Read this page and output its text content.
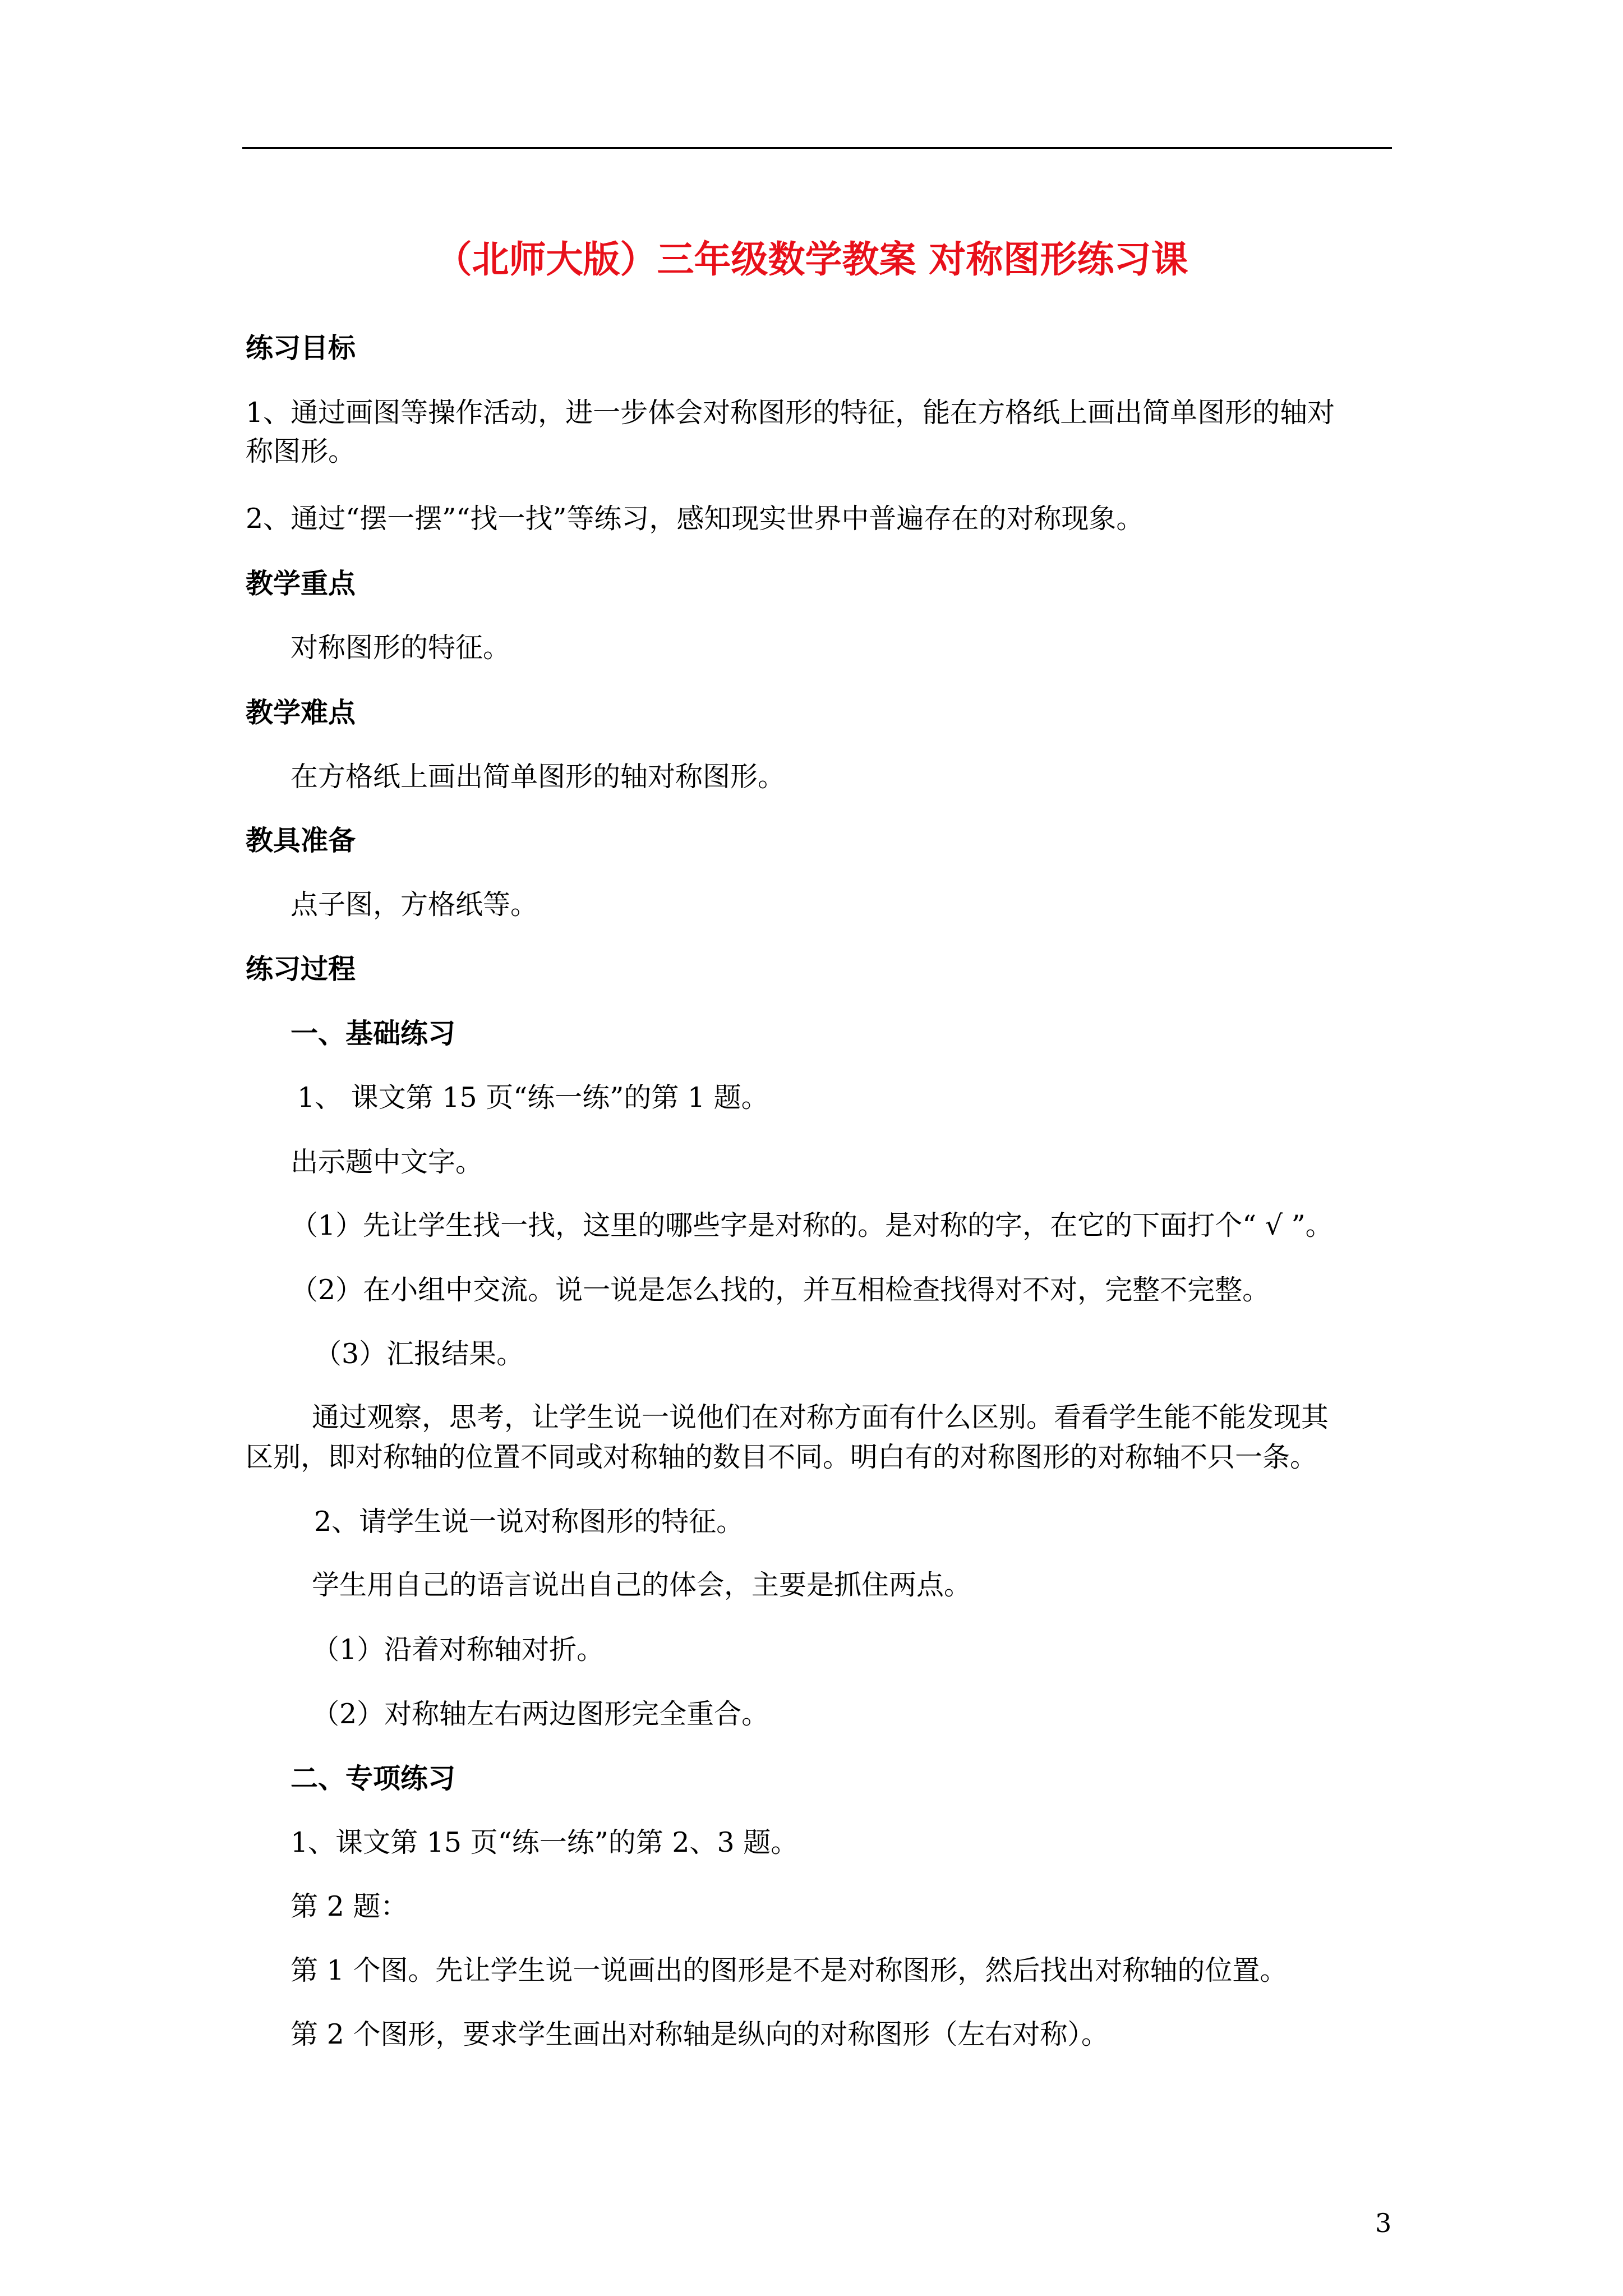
（北师大版）三年级数学教案 对称图形练习课
练习目标
1、通过画图等操作活动，进一步体会对称图形的特征，能在方格纸上画出简单图形的轴对
称图形。
2、通过“摆一摆”“找一找”等练习，感知现实世界中普遍存在的对称现象。
教学重点
对称图形的特征。
教学难点
在方格纸上画出简单图形的轴对称图形。
教具准备
点子图，方格纸等。
练习过程
一、基础练习
1、 课文第 15 页“练一练”的第 1 题。
出示题中文字。
（1）先让学生找一找，这里的哪些字是对称的。是对称的字，在它的下面打个“ √ ”。
（2）在小组中交流。说一说是怎么找的，并互相检查找得对不对，完整不完整。
（3）汇报结果。
通过观察，思考，让学生说一说他们在对称方面有什么区别。看看学生能不能发现其
区别，即对称轴的位置不同或对称轴的数目不同。明白有的对称图形的对称轴不只一条。
2、请学生说一说对称图形的特征。
学生用自己的语言说出自己的体会，主要是抓住两点。
（1）沿着对称轴对折。
（2）对称轴左右两边图形完全重合。
二、专项练习
1、课文第 15 页“练一练”的第 2、3 题。
第 2 题：
第 1 个图。先让学生说一说画出的图形是不是对称图形，然后找出对称轴的位置。
第 2 个图形，要求学生画出对称轴是纵向的对称图形（左右对称）。
3
